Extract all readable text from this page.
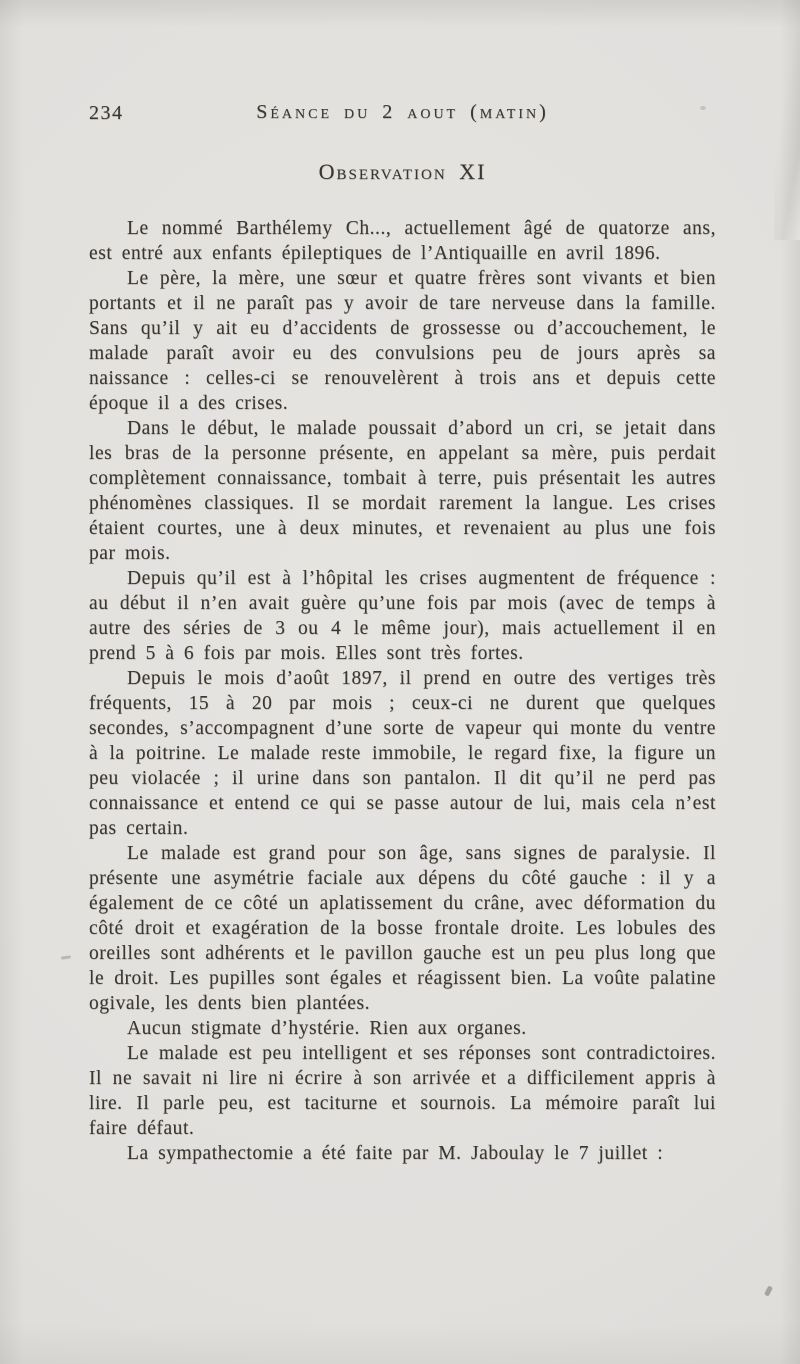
234	Séance du 2 aout (matin)
Observation XI

Le nommé Barthélemy Ch..., actuellement âgé de quatorze ans, est entré aux enfants épileptiques de l’Antiquaille en avril 1896.

Le père, la mère, une sœur et quatre frères sont vivants et bien portants et il ne paraît pas y avoir de tare nerveuse dans la famille. Sans qu’il y ait eu d’accidents de grossesse ou d’accouchement, le malade paraît avoir eu des convulsions peu de jours après sa naissance : celles-ci se renouvelèrent à trois ans et depuis cette époque il a des crises.

Dans le début, le malade poussait d’abord un cri, se jetait dans les bras de la personne présente, en appelant sa mère, puis perdait complètement connaissance, tombait à terre, puis présentait les autres phénomènes classiques. Il se mordait rarement la langue. Les crises étaient courtes, une à deux minutes, et revenaient au plus une fois par mois.

Depuis qu’il est à l’hôpital les crises augmentent de fréquence : au début il n’en avait guère qu’une fois par mois (avec de temps à autre des séries de 3 ou 4 le même jour), mais actuellement il en prend 5 à 6 fois par mois. Elles sont très fortes.

Depuis le mois d’août 1897, il prend en outre des vertiges très fréquents, 15 à 20 par mois ; ceux-ci ne durent que quelques secondes, s’accompagnent d’une sorte de vapeur qui monte du ventre à la poitrine. Le malade reste immobile, le regard fixe, la figure un peu violacée ; il urine dans son pantalon. Il dit qu’il ne perd pas connaissance et entend ce qui se passe autour de lui, mais cela n’est pas certain.

Le malade est grand pour son âge, sans signes de paralysie. Il présente une asymétrie faciale aux dépens du côté gauche : il y a également de ce côté un aplatissement du crâne, avec déformation du côté droit et exagération de la bosse frontale droite. Les lobules des oreilles sont adhérents et le pavillon gauche est un peu plus long que le droit. Les pupilles sont égales et réagissent bien. La voûte palatine ogivale, les dents bien plantées.

Aucun stigmate d’hystérie. Rien aux organes.

Le malade est peu intelligent et ses réponses sont contradictoires. Il ne savait ni lire ni écrire à son arrivée et a difficilement appris à lire. Il parle peu, est taciturne et sournois. La mémoire paraît lui faire défaut.

La sympathectomie a été faite par M. Jaboulay le 7 juillet :
